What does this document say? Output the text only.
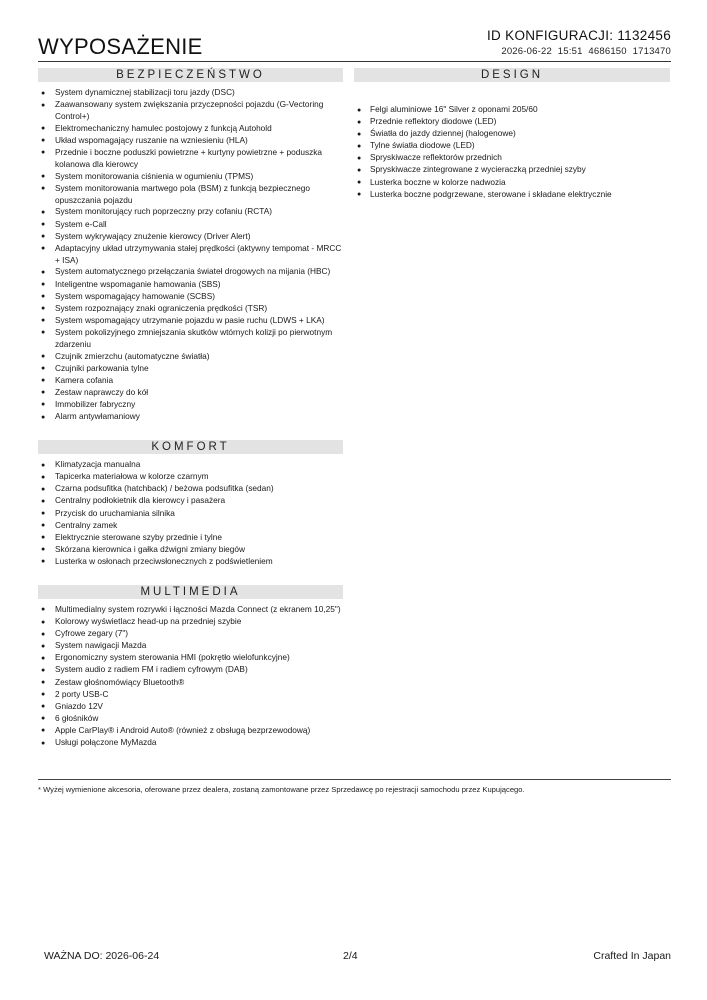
WYPOSAŻENIE	ID KONFIGURACJI: 1132456
2026-06-22 15:51 4686150 1713470
BEZPIECZEŃSTWO
● System dynamicznej stabilizacji toru jazdy (DSC)
● Zaawansowany system zwiększania przyczepności pojazdu (G-Vectoring Control+)
● Elektromechaniczny hamulec postojowy z funkcją Autohold
● Układ wspomagający ruszanie na wzniesieniu (HLA)
● Przednie i boczne poduszki powietrzne + kurtyny powietrzne + poduszka kolanowa dla kierowcy
● System monitorowania ciśnienia w ogumieniu (TPMS)
● System monitorowania martwego pola (BSM) z funkcją bezpiecznego opuszczania pojazdu
● System monitorujący ruch poprzeczny przy cofaniu (RCTA)
● System e-Call
● System wykrywający znużenie kierowcy (Driver Alert)
● Adaptacyjny układ utrzymywania stałej prędkości (aktywny tempomat - MRCC + ISA)
● System automatycznego przełączania świateł drogowych na mijania (HBC)
● Inteligentne wspomaganie hamowania (SBS)
● System wspomagający hamowanie (SCBS)
● System rozpoznający znaki ograniczenia prędkości (TSR)
● System wspomagający utrzymanie pojazdu w pasie ruchu (LDWS + LKA)
● System pokolizyjnego zmniejszania skutków wtórnych kolizji po pierwotnym zdarzeniu
● Czujnik zmierzchu (automatyczne światła)
● Czujniki parkowania tylne
● Kamera cofania
● Zestaw naprawczy do kół
● Immobilizer fabryczny
● Alarm antywłamaniowy
KOMFORT
● Klimatyzacja manualna
● Tapicerka materiałowa w kolorze czarnym
● Czarna podsufitka (hatchback) / beżowa podsufitka (sedan)
● Centralny podłokietnik dla kierowcy i pasażera
● Przycisk do uruchamiania silnika
● Centralny zamek
● Elektrycznie sterowane szyby przednie i tylne
● Skórzana kierownica i gałka dźwigni zmiany biegów
● Lusterka w osłonach przeciwsłonecznych z podświetleniem
MULTIMEDIA
● Multimedialny system rozrywki i łączności Mazda Connect (z ekranem 10,25")
● Kolorowy wyświetlacz head-up na przedniej szybie
● Cyfrowe zegary (7")
● System nawigacji Mazda
● Ergonomiczny system sterowania HMI (pokrętło wielofunkcyjne)
● System audio z radiem FM i radiem cyfrowym (DAB)
● Zestaw głośnomówiący Bluetooth®
● 2 porty USB-C
● Gniazdo 12V
● 6 głośników
● Apple CarPlay® i Android Auto® (również z obsługą bezprzewodową)
● Usługi połączone MyMazda
DESIGN
● Felgi aluminiowe 16" Silver z oponami 205/60
● Przednie reflektory diodowe (LED)
● Światła do jazdy dziennej (halogenowe)
● Tylne światła diodowe (LED)
● Spryskiwacze reflektorów przednich
● Spryskiwacze zintegrowane z wycieraczką przedniej szyby
● Lusterka boczne w kolorze nadwozia
● Lusterka boczne podgrzewane, sterowane i składane elektrycznie
* Wyżej wymienione akcesoria, oferowane przez dealera, zostaną zamontowane przez Sprzedawcę po rejestracji samochodu przez Kupującego.
WAŻNA DO: 2026-06-24	2/4	Crafted In Japan
